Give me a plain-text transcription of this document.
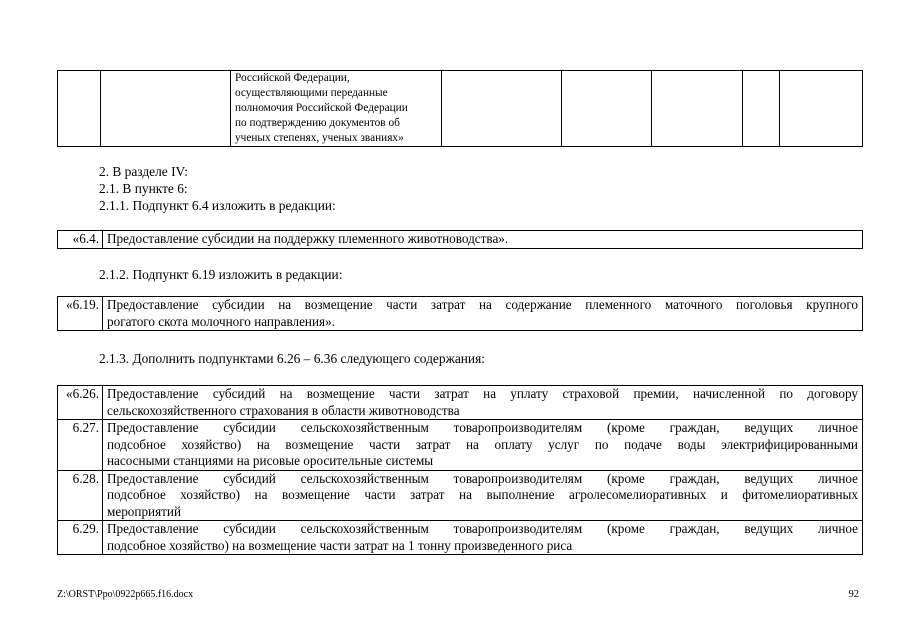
Российской Федерации,
осуществляющими переданные
полномочия Российской Федерации
по подтверждению документов об
ученых степенях, ученых званиях»

2. В разделе IV:
2.1. В пункте 6:
2.1.1. Подпункт 6.4 изложить в редакции:
«6.4.	Предоставление субсидии на поддержку племенного животноводства».
2.1.2. Подпункт 6.19 изложить в редакции:
«6.19.	Предоставление субсидии на возмещение части затрат на содержание племенного маточного поголовья крупного
рогатого скота молочного направления».
2.1.3. Дополнить подпунктами 6.26 – 6.36 следующего содержания:
«6.26.	Предоставление субсидий на возмещение части затрат на уплату страховой премии, начисленной по договору
сельскохозяйственного страхования в области животноводства

6.27.	Предоставление субсидии сельскохозяйственным товаропроизводителям (кроме граждан, ведущих личное
подсобное хозяйство) на возмещение части затрат на оплату услуг по подаче воды электрифицированными
насосными станциями на рисовые оросительные системы

6.28.	Предоставление субсидий сельскохозяйственным товаропроизводителям (кроме граждан, ведущих личное
подсобное хозяйство) на возмещение части затрат на выполнение агролесомелиоративных и фитомелиоративных
мероприятий

6.29.	Предоставление субсидии сельскохозяйственным товаропроизводителям (кроме граждан, ведущих личное
подсобное хозяйство) на возмещение части затрат на 1 тонну произведенного риса
Z:\ORST\Ppo\0922p665.f16.docx	92
